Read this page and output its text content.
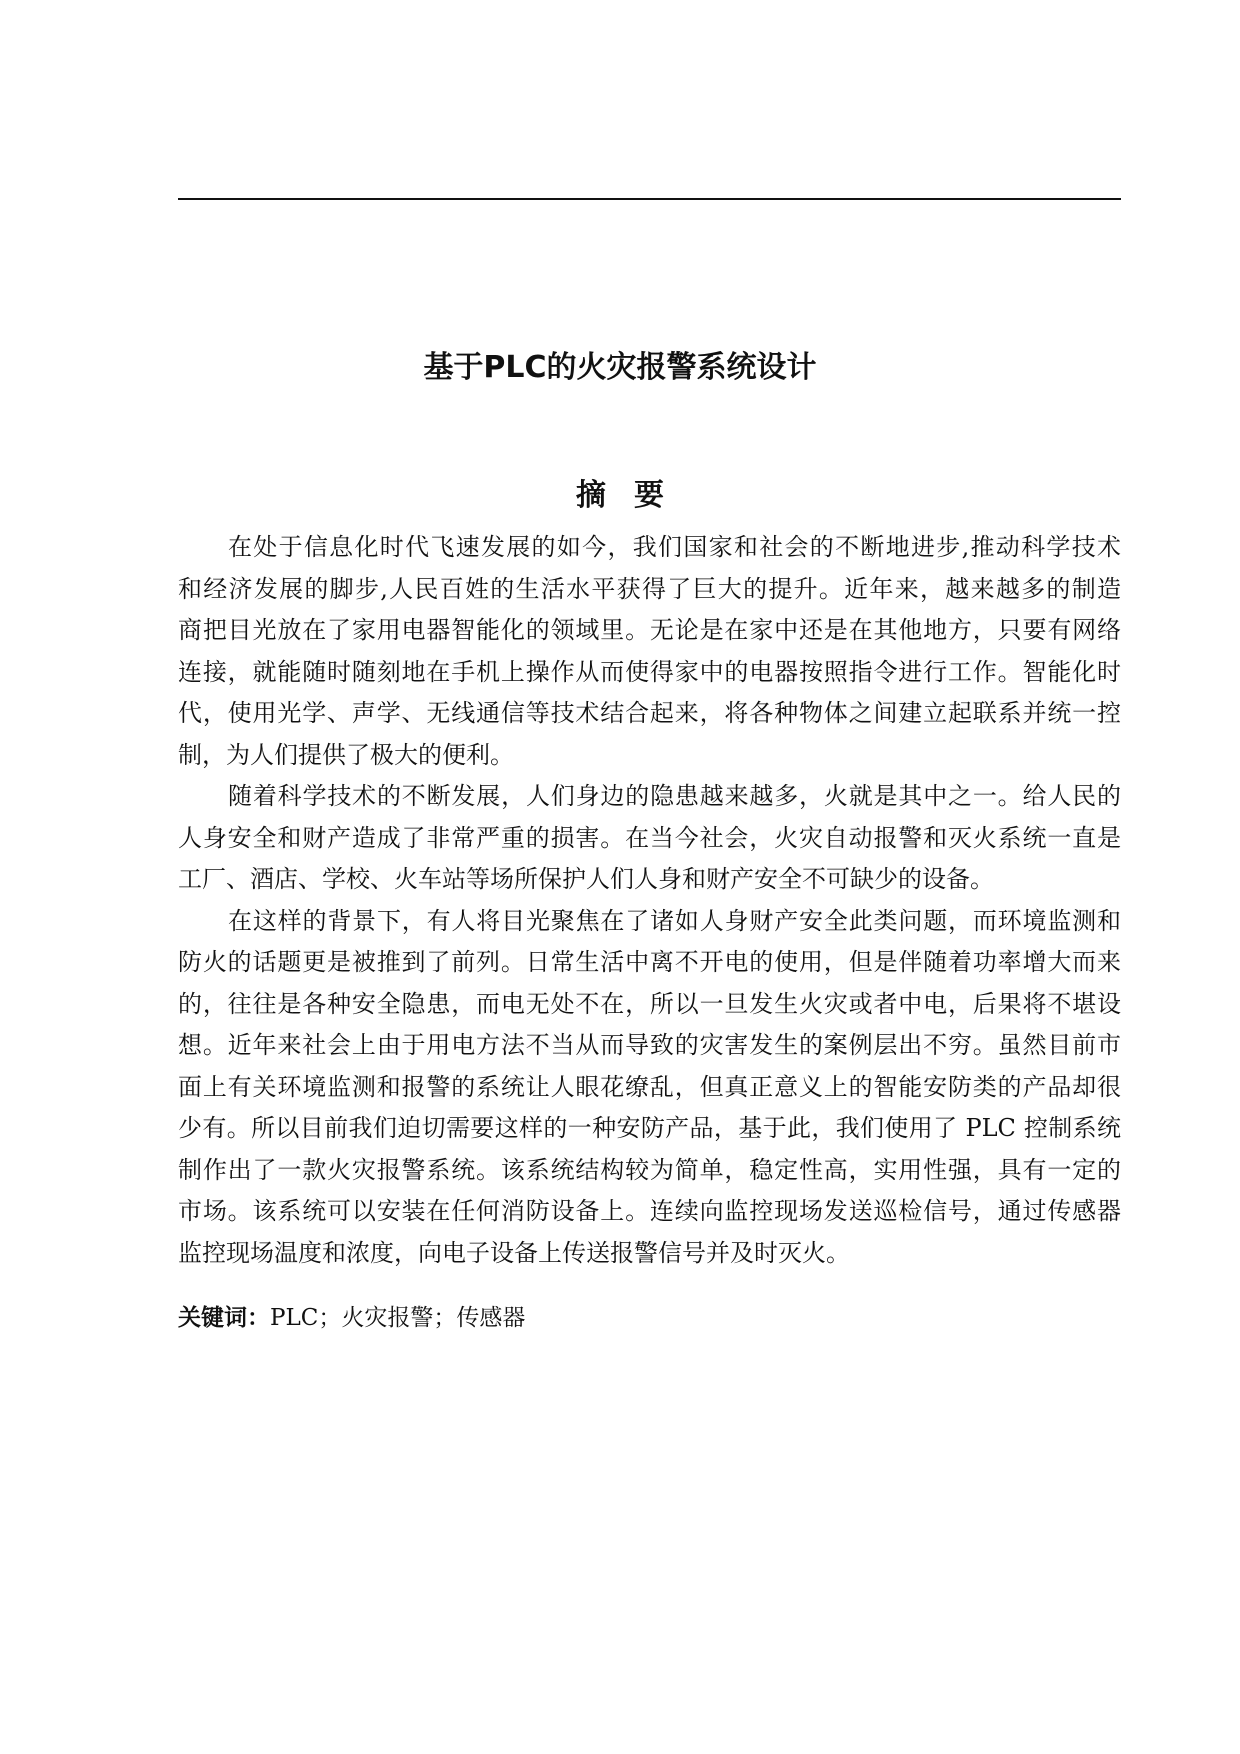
基于PLC的火灾报警系统设计
摘要
在处于信息化时代飞速发展的如今，我们国家和社会的不断地进步,推动科学技术
和经济发展的脚步,人民百姓的生活水平获得了巨大的提升。近年来，越来越多的制造
商把目光放在了家用电器智能化的领域里。无论是在家中还是在其他地方，只要有网络
连接，就能随时随刻地在手机上操作从而使得家中的电器按照指令进行工作。智能化时
代，使用光学、声学、无线通信等技术结合起来，将各种物体之间建立起联系并统一控
制，为人们提供了极大的便利。
随着科学技术的不断发展，人们身边的隐患越来越多，火就是其中之一。给人民的
人身安全和财产造成了非常严重的损害。在当今社会，火灾自动报警和灭火系统一直是
工厂、酒店、学校、火车站等场所保护人们人身和财产安全不可缺少的设备。
在这样的背景下，有人将目光聚焦在了诸如人身财产安全此类问题，而环境监测和
防火的话题更是被推到了前列。日常生活中离不开电的使用，但是伴随着功率增大而来
的，往往是各种安全隐患，而电无处不在，所以一旦发生火灾或者中电，后果将不堪设
想。近年来社会上由于用电方法不当从而导致的灾害发生的案例层出不穷。虽然目前市
面上有关环境监测和报警的系统让人眼花缭乱，但真正意义上的智能安防类的产品却很
少有。所以目前我们迫切需要这样的一种安防产品，基于此，我们使用了 PLC 控制系统
制作出了一款火灾报警系统。该系统结构较为简单，稳定性高，实用性强，具有一定的
市场。该系统可以安装在任何消防设备上。连续向监控现场发送巡检信号，通过传感器
监控现场温度和浓度，向电子设备上传送报警信号并及时灭火。
关键词：PLC；火灾报警；传感器
